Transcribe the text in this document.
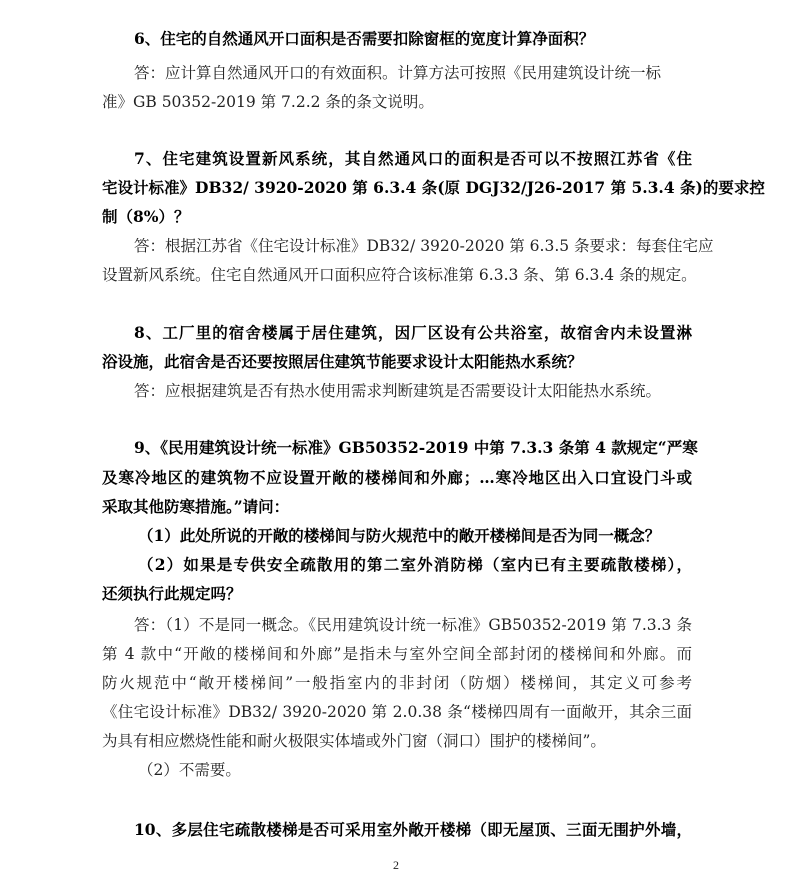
6、住宅的自然通风开口面积是否需要扣除窗框的宽度计算净面积？
答：应计算自然通风开口的有效面积。计算方法可按照《民用建筑设计统一标
准》GB 50352-2019 第 7.2.2 条的条文说明。
7、住宅建筑设置新风系统，其自然通风口的面积是否可以不按照江苏省《住
宅设计标准》DB32/ 3920-2020 第 6.3.4 条(原 DGJ32/J26-2017 第 5.3.4 条)的要求控
制（8%）？
答：根据江苏省《住宅设计标准》DB32/ 3920-2020 第 6.3.5 条要求：每套住宅应
设置新风系统。住宅自然通风开口面积应符合该标准第 6.3.3 条、第 6.3.4 条的规定。
8、工厂里的宿舍楼属于居住建筑，因厂区设有公共浴室，故宿舍内未设置淋
浴设施，此宿舍是否还要按照居住建筑节能要求设计太阳能热水系统？
答：应根据建筑是否有热水使用需求判断建筑是否需要设计太阳能热水系统。
9、《民用建筑设计统一标准》GB50352-2019 中第 7.3.3 条第 4 款规定“严寒
及寒冷地区的建筑物不应设置开敞的楼梯间和外廊；…寒冷地区出入口宜设门斗或
采取其他防寒措施。”请问：
（1）此处所说的开敞的楼梯间与防火规范中的敞开楼梯间是否为同一概念？
（2）如果是专供安全疏散用的第二室外消防梯（室内已有主要疏散楼梯），
还须执行此规定吗？
答：（1）不是同一概念。《民用建筑设计统一标准》GB50352-2019 第 7.3.3 条
第 4 款中“开敞的楼梯间和外廊”是指未与室外空间全部封闭的楼梯间和外廊。而
防火规范中“敞开楼梯间”一般指室内的非封闭（防烟）楼梯间，其定义可参考
《住宅设计标准》DB32/ 3920-2020 第 2.0.38 条“楼梯四周有一面敞开，其余三面
为具有相应燃烧性能和耐火极限实体墙或外门窗（洞口）围护的楼梯间”。
（2）不需要。
10、多层住宅疏散楼梯是否可采用室外敞开楼梯（即无屋顶、三面无围护外墙，
2
